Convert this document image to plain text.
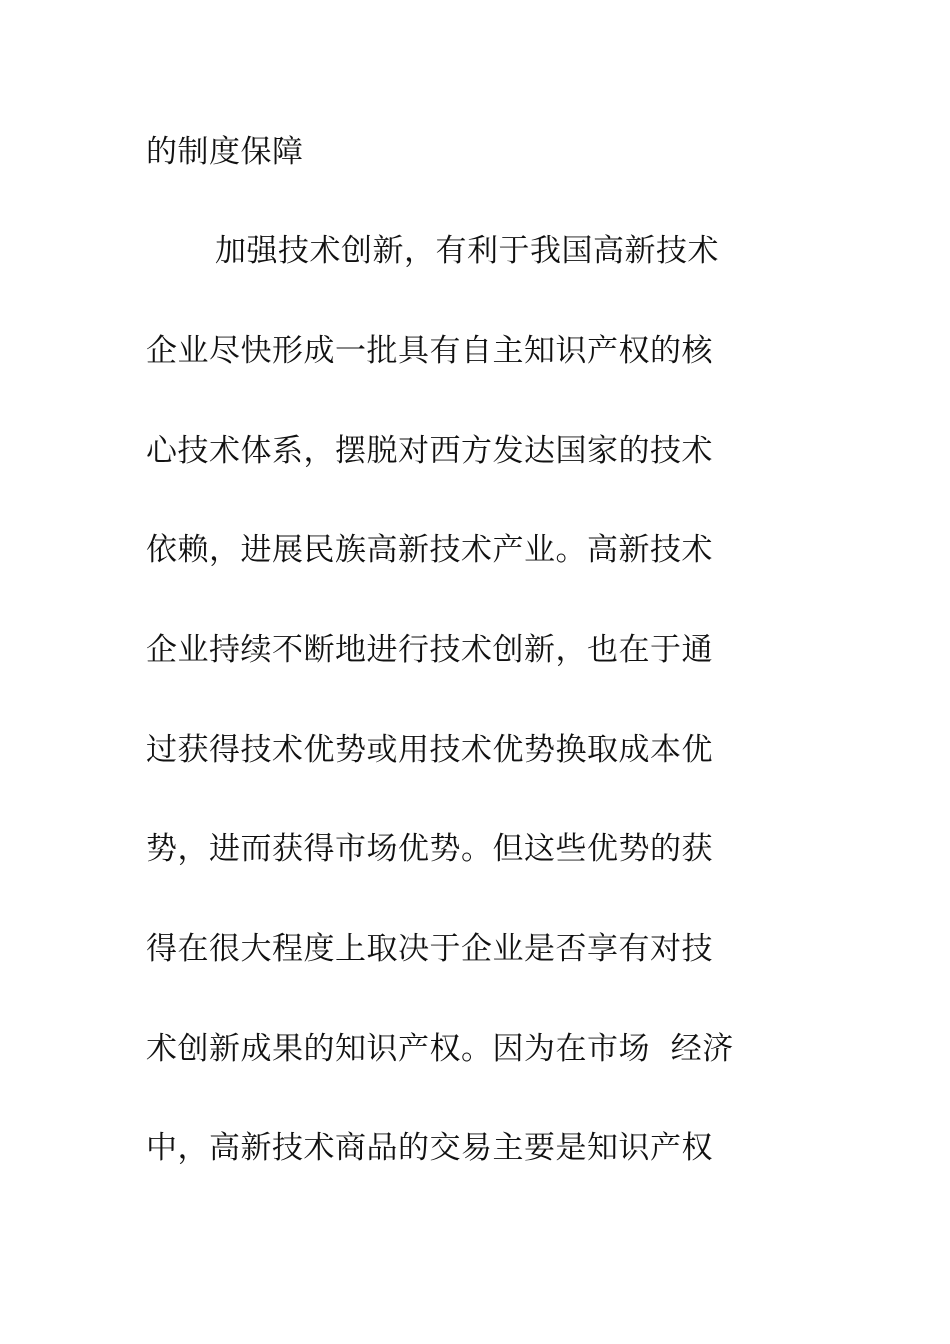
的制度保障
加强技术创新，有利于我国高新技术
企业尽快形成一批具有自主知识产权的核
心技术体系，摆脱对西方发达国家的技术
依赖，进展民族高新技术产业。高新技术
企业持续不断地进行技术创新，也在于通
过获得技术优势或用技术优势换取成本优
势，进而获得市场优势。但这些优势的获
得在很大程度上取决于企业是否享有对技
术创新成果的知识产权。因为在市场  经济
中，高新技术商品的交易主要是知识产权
